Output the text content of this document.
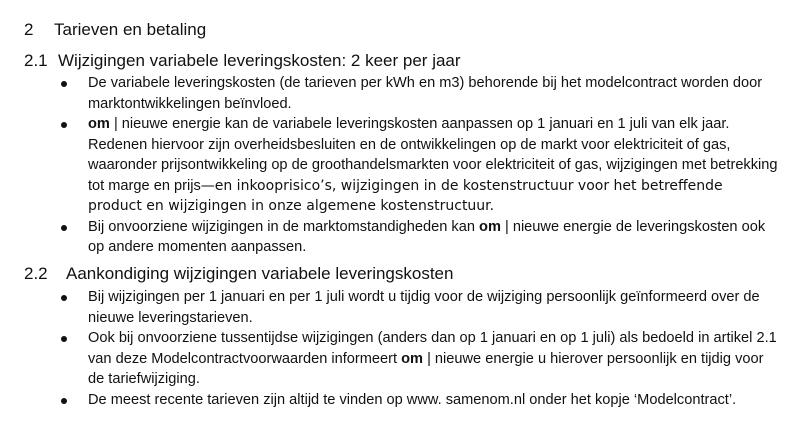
2 Tarieven en betaling
2.1 Wijzigingen variabele leveringskosten: 2 keer per jaar
De variabele leveringskosten (de tarieven per kWh en m3) behorende bij het modelcontract worden door marktontwikkelingen beïnvloed.
om | nieuwe energie kan de variabele leveringskosten aanpassen op 1 januari en 1 juli van elk jaar. Redenen hiervoor zijn overheidsbesluiten en de ontwikkelingen op de markt voor elektriciteit of gas, waaronder prijsontwikkeling op de groothandelsmarkten voor elektriciteit of gas, wijzigingen met betrekking tot marge en prijs—en inkooprisico’s, wijzigingen in de kostenstructuur voor het betreffende product en wijzigingen in onze algemene kostenstructuur.
Bij onvoorziene wijzigingen in de marktomstandigheden kan om | nieuwe energie de leveringskosten ook op andere momenten aanpassen.
2.2 Aankondiging wijzigingen variabele leveringskosten
Bij wijzigingen per 1 januari en per 1 juli wordt u tijdig voor de wijziging persoonlijk geïnformeerd over de nieuwe leveringstarieven.
Ook bij onvoorziene tussentijdse wijzigingen (anders dan op 1 januari en op 1 juli) als bedoeld in artikel 2.1 van deze Modelcontractvoorwaarden informeert om | nieuwe energie u hierover persoonlijk en tijdig voor de tariefwijziging.
De meest recente tarieven zijn altijd te vinden op www. samenom.nl onder het kopje ‘Modelcontract’.
